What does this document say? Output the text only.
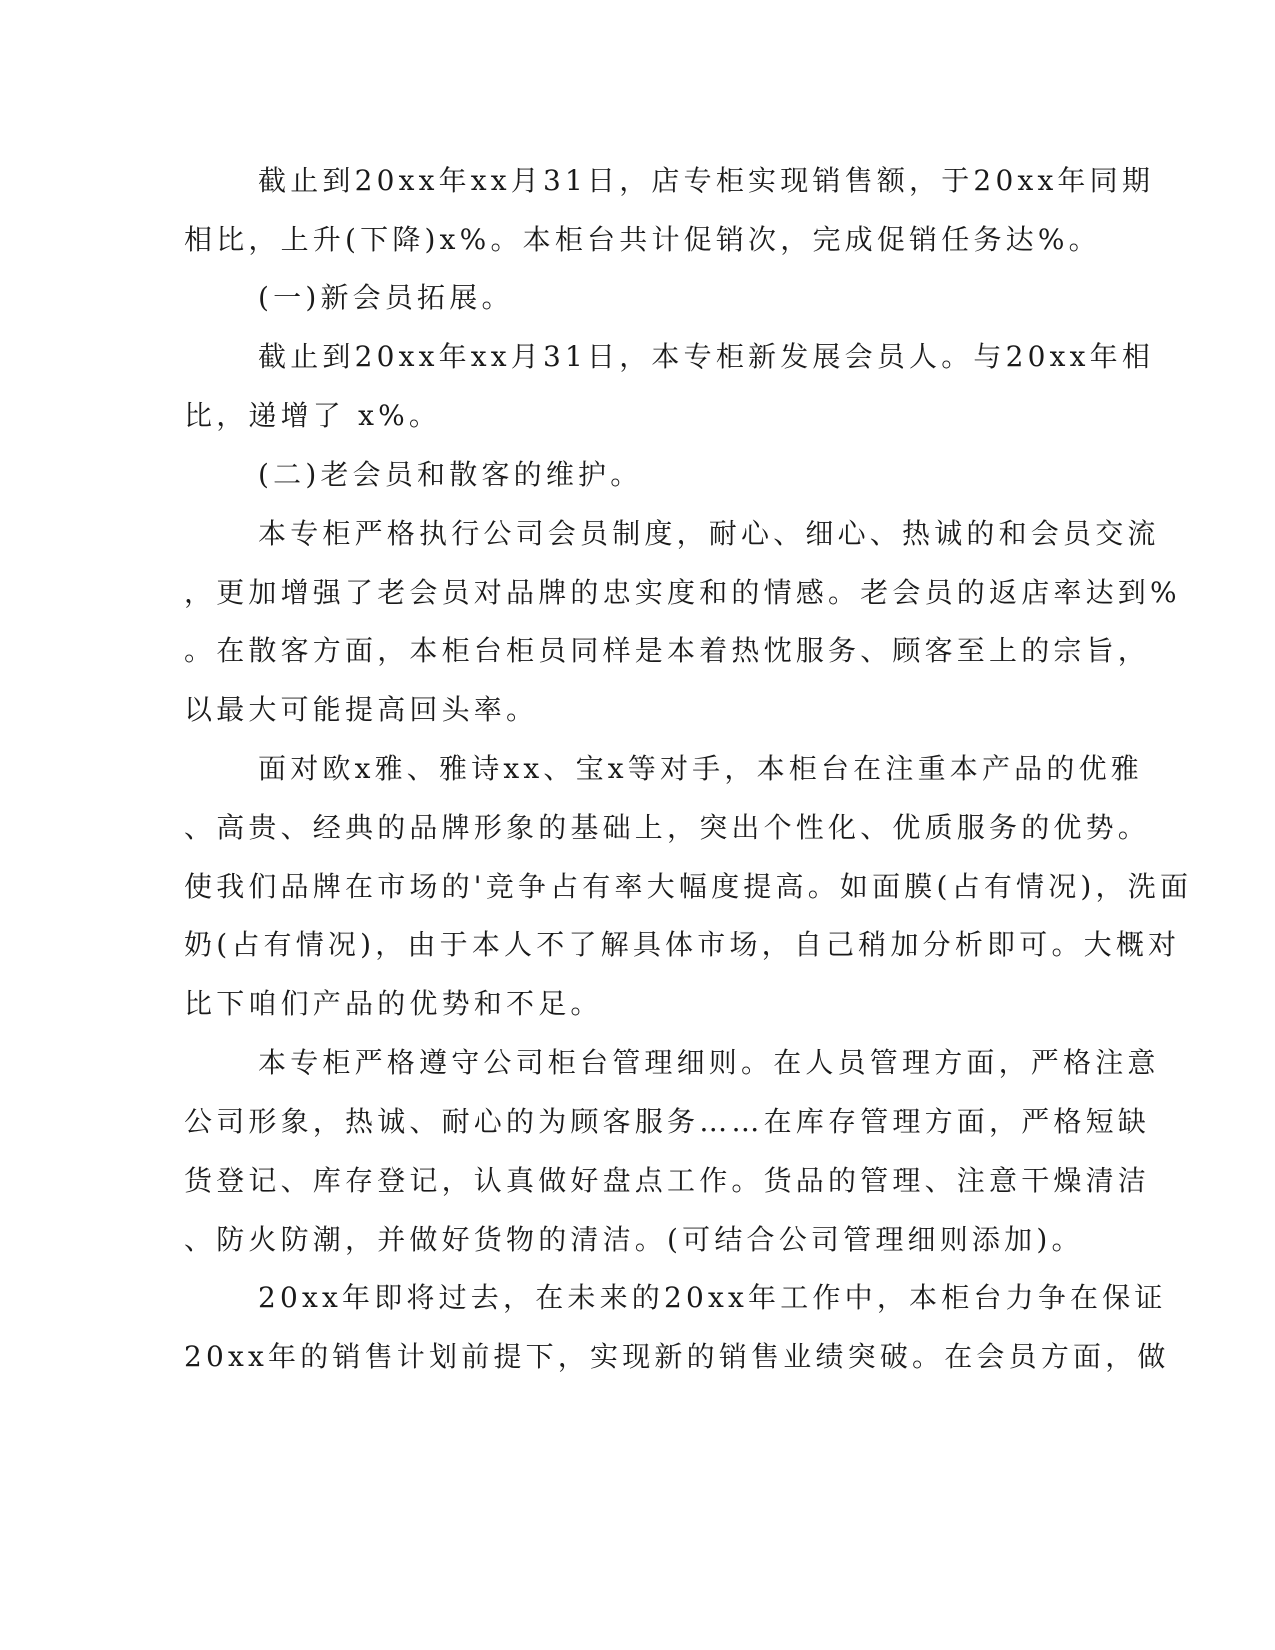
截止到20xx年xx月31日，店专柜实现销售额，于20xx年同期
相比，上升(下降)x%。本柜台共计促销次，完成促销任务达%。
(一)新会员拓展。
截止到20xx年xx月31日，本专柜新发展会员人。与20xx年相
比，递增了 x%。
(二)老会员和散客的维护。
本专柜严格执行公司会员制度，耐心、细心、热诚的和会员交流
，更加增强了老会员对品牌的忠实度和的情感。老会员的返店率达到%
。在散客方面，本柜台柜员同样是本着热忱服务、顾客至上的宗旨，
以最大可能提高回头率。
面对欧x雅、雅诗xx、宝x等对手，本柜台在注重本产品的优雅
、高贵、经典的品牌形象的基础上，突出个性化、优质服务的优势。
使我们品牌在市场的'竞争占有率大幅度提高。如面膜(占有情况)，洗面
奶(占有情况)，由于本人不了解具体市场，自己稍加分析即可。大概对
比下咱们产品的优势和不足。
本专柜严格遵守公司柜台管理细则。在人员管理方面，严格注意
公司形象，热诚、耐心的为顾客服务……在库存管理方面，严格短缺
货登记、库存登记，认真做好盘点工作。货品的管理、注意干燥清洁
、防火防潮，并做好货物的清洁。(可结合公司管理细则添加)。
20xx年即将过去，在未来的20xx年工作中，本柜台力争在保证
20xx年的销售计划前提下，实现新的销售业绩突破。在会员方面，做
